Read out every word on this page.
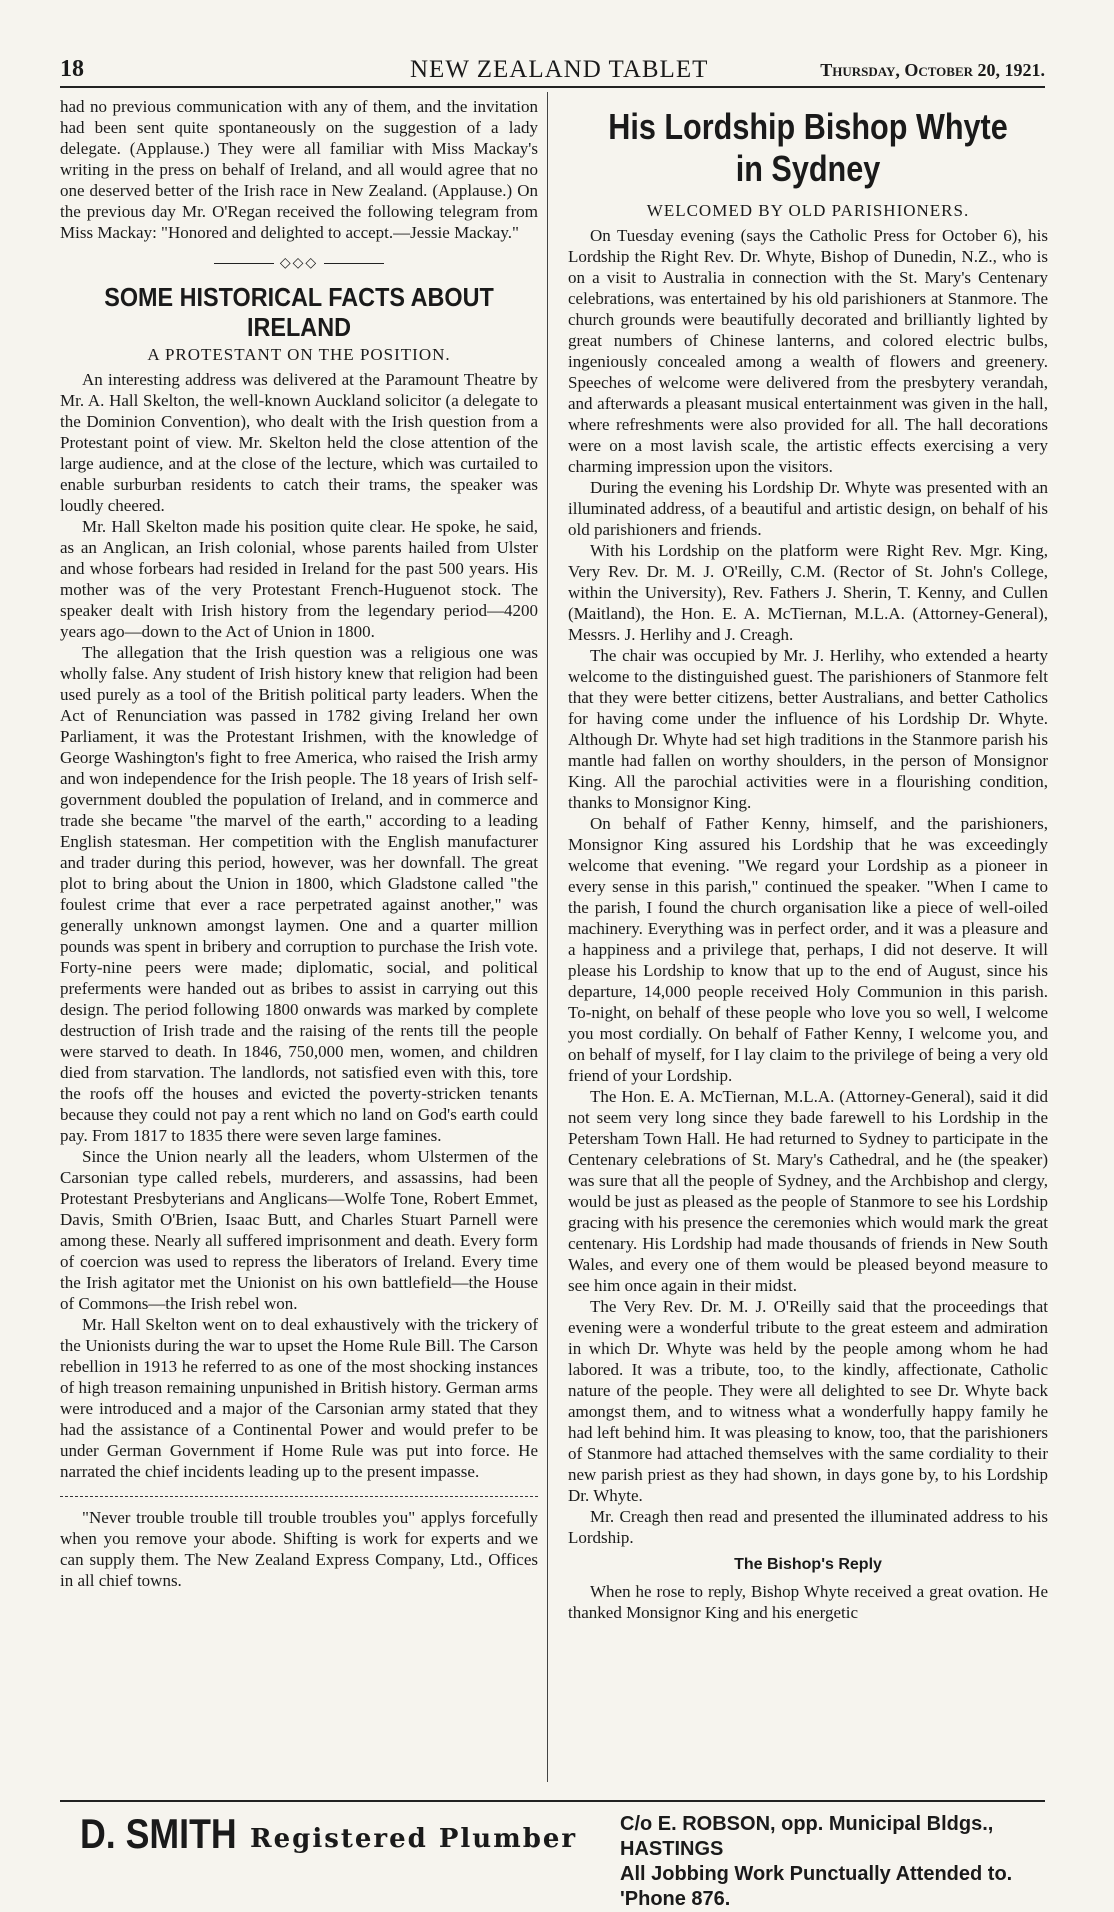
18	NEW ZEALAND TABLET	Thursday, October 20, 1921.

had no previous communication with any of them, and the invitation had been sent quite spontaneously on the suggestion of a lady delegate. (Applause.) They were all familiar with Miss Mackay's writing in the press on behalf of Ireland, and all would agree that no one deserved better of the Irish race in New Zealand. (Applause.) On the previous day Mr. O'Regan received the following telegram from Miss Mackay: "Honored and delighted to accept.—Jessie Mackay."

◇◇◇
SOME HISTORICAL FACTS ABOUT IRELAND
A PROTESTANT ON THE POSITION.

An interesting address was delivered at the Paramount Theatre by Mr. A. Hall Skelton, the well-known Auckland solicitor (a delegate to the Dominion Convention), who dealt with the Irish question from a Protestant point of view. Mr. Skelton held the close attention of the large audience, and at the close of the lecture, which was curtailed to enable surburban residents to catch their trams, the speaker was loudly cheered.

Mr. Hall Skelton made his position quite clear. He spoke, he said, as an Anglican, an Irish colonial, whose parents hailed from Ulster and whose forbears had resided in Ireland for the past 500 years. His mother was of the very Protestant French-Huguenot stock. The speaker dealt with Irish history from the legendary period—4200 years ago—down to the Act of Union in 1800.

The allegation that the Irish question was a religious one was wholly false. Any student of Irish history knew that religion had been used purely as a tool of the British political party leaders. When the Act of Renunciation was passed in 1782 giving Ireland her own Parliament, it was the Protestant Irishmen, with the knowledge of George Washington's fight to free America, who raised the Irish army and won independence for the Irish people. The 18 years of Irish self-government doubled the population of Ireland, and in commerce and trade she became "the marvel of the earth," according to a leading English statesman. Her competition with the English manufacturer and trader during this period, however, was her downfall. The great plot to bring about the Union in 1800, which Gladstone called "the foulest crime that ever a race perpetrated against another," was generally unknown amongst laymen. One and a quarter million pounds was spent in bribery and corruption to purchase the Irish vote. Forty-nine peers were made; diplomatic, social, and political preferments were handed out as bribes to assist in carrying out this design. The period following 1800 onwards was marked by complete destruction of Irish trade and the raising of the rents till the people were starved to death. In 1846, 750,000 men, women, and children died from starvation. The landlords, not satisfied even with this, tore the roofs off the houses and evicted the poverty-stricken tenants because they could not pay a rent which no land on God's earth could pay. From 1817 to 1835 there were seven large famines.

Since the Union nearly all the leaders, whom Ulstermen of the Carsonian type called rebels, murderers, and assassins, had been Protestant Presbyterians and Anglicans—Wolfe Tone, Robert Emmet, Davis, Smith O'Brien, Isaac Butt, and Charles Stuart Parnell were among these. Nearly all suffered imprisonment and death. Every form of coercion was used to repress the liberators of Ireland. Every time the Irish agitator met the Unionist on his own battlefield—the House of Commons—the Irish rebel won.

Mr. Hall Skelton went on to deal exhaustively with the trickery of the Unionists during the war to upset the Home Rule Bill. The Carson rebellion in 1913 he referred to as one of the most shocking instances of high treason remaining unpunished in British history. German arms were introduced and a major of the Carsonian army stated that they had the assistance of a Continental Power and would prefer to be under German Government if Home Rule was put into force. He narrated the chief incidents leading up to the present impasse.

"Never trouble trouble till trouble troubles you" applys forcefully when you remove your abode. Shifting is work for experts and we can supply them. The New Zealand Express Company, Ltd., Offices in all chief towns.

His Lordship Bishop Whyte in Sydney
WELCOMED BY OLD PARISHIONERS.

On Tuesday evening (says the Catholic Press for October 6), his Lordship the Right Rev. Dr. Whyte, Bishop of Dunedin, N.Z., who is on a visit to Australia in connection with the St. Mary's Centenary celebrations, was entertained by his old parishioners at Stanmore. The church grounds were beautifully decorated and brilliantly lighted by great numbers of Chinese lanterns, and colored electric bulbs, ingeniously concealed among a wealth of flowers and greenery. Speeches of welcome were delivered from the presbytery verandah, and afterwards a pleasant musical entertainment was given in the hall, where refreshments were also provided for all. The hall decorations were on a most lavish scale, the artistic effects exercising a very charming impression upon the visitors.

During the evening his Lordship Dr. Whyte was presented with an illuminated address, of a beautiful and artistic design, on behalf of his old parishioners and friends.

With his Lordship on the platform were Right Rev. Mgr. King, Very Rev. Dr. M. J. O'Reilly, C.M. (Rector of St. John's College, within the University), Rev. Fathers J. Sherin, T. Kenny, and Cullen (Maitland), the Hon. E. A. McTiernan, M.L.A. (Attorney-General), Messrs. J. Herlihy and J. Creagh.

The chair was occupied by Mr. J. Herlihy, who extended a hearty welcome to the distinguished guest. The parishioners of Stanmore felt that they were better citizens, better Australians, and better Catholics for having come under the influence of his Lordship Dr. Whyte. Although Dr. Whyte had set high traditions in the Stanmore parish his mantle had fallen on worthy shoulders, in the person of Monsignor King. All the parochial activities were in a flourishing condition, thanks to Monsignor King.

On behalf of Father Kenny, himself, and the parishioners, Monsignor King assured his Lordship that he was exceedingly welcome that evening. "We regard your Lordship as a pioneer in every sense in this parish," continued the speaker. "When I came to the parish, I found the church organisation like a piece of well-oiled machinery. Everything was in perfect order, and it was a pleasure and a happiness and a privilege that, perhaps, I did not deserve. It will please his Lordship to know that up to the end of August, since his departure, 14,000 people received Holy Communion in this parish. To-night, on behalf of these people who love you so well, I welcome you most cordially. On behalf of Father Kenny, I welcome you, and on behalf of myself, for I lay claim to the privilege of being a very old friend of your Lordship.

The Hon. E. A. McTiernan, M.L.A. (Attorney-General), said it did not seem very long since they bade farewell to his Lordship in the Petersham Town Hall. He had returned to Sydney to participate in the Centenary celebrations of St. Mary's Cathedral, and he (the speaker) was sure that all the people of Sydney, and the Archbishop and clergy, would be just as pleased as the people of Stanmore to see his Lordship gracing with his presence the ceremonies which would mark the great centenary. His Lordship had made thousands of friends in New South Wales, and every one of them would be pleased beyond measure to see him once again in their midst.

The Very Rev. Dr. M. J. O'Reilly said that the proceedings that evening were a wonderful tribute to the great esteem and admiration in which Dr. Whyte was held by the people among whom he had labored. It was a tribute, too, to the kindly, affectionate, Catholic nature of the people. They were all delighted to see Dr. Whyte back amongst them, and to witness what a wonderfully happy family he had left behind him. It was pleasing to know, too, that the parishioners of Stanmore had attached themselves with the same cordiality to their new parish priest as they had shown, in days gone by, to his Lordship Dr. Whyte.

Mr. Creagh then read and presented the illuminated address to his Lordship.

The Bishop's Reply

When he rose to reply, Bishop Whyte received a great ovation. He thanked Monsignor King and his energetic

D. SMITH Registered Plumber C/o E. ROBSON, opp. Municipal Bldgs., HASTINGS
All Jobbing Work Punctually Attended to. 'Phone 876.
